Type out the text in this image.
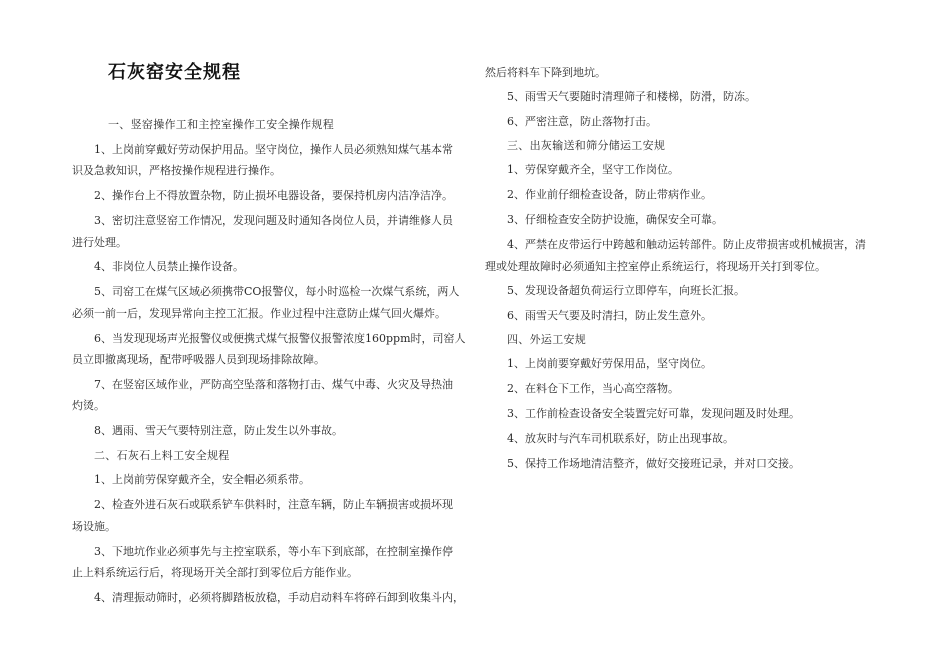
石灰窑安全规程
一、竖窑操作工和主控室操作工安全操作规程
1、上岗前穿戴好劳动保护用品。坚守岗位，操作人员必须熟知煤气基本常
识及急救知识，严格按操作规程进行操作。
2、操作台上不得放置杂物，防止损坏电器设备，要保持机房内洁净洁净。
3、密切注意竖窑工作情况，发现问题及时通知各岗位人员，并请维修人员
进行处理。
4、非岗位人员禁止操作设备。
5、司窑工在煤气区域必须携带CO报警仪，每小时巡检一次煤气系统，两人
必须一前一后，发现异常向主控工汇报。作业过程中注意防止煤气回火爆炸。
6、当发现现场声光报警仪或便携式煤气报警仪报警浓度160ppm时，司窑人
员立即撤离现场，配带呼吸器人员到现场排除故障。
7、在竖窑区域作业，严防高空坠落和落物打击、煤气中毒、火灾及导热油
灼烫。
8、遇雨、雪天气要特别注意，防止发生以外事故。
二、石灰石上料工安全规程
1、上岗前劳保穿戴齐全，安全帽必须系带。
2、检查外进石灰石或联系铲车供料时，注意车辆，防止车辆损害或损坏现
场设施。
3、下地坑作业必须事先与主控室联系，等小车下到底部，在控制室操作停
止上料系统运行后，将现场开关全部打到零位后方能作业。
4、清理振动筛时，必须将脚踏板放稳，手动启动料车将碎石卸到收集斗内，
然后将料车下降到地坑。
5、雨雪天气要随时清理筛子和楼梯，防滑，防冻。
6、严密注意，防止落物打击。
三、出灰输送和筛分储运工安规
1、劳保穿戴齐全，坚守工作岗位。
2、作业前仔细检查设备，防止带病作业。
3、仔细检查安全防护设施，确保安全可靠。
4、严禁在皮带运行中跨越和触动运转部件。防止皮带损害或机械损害，清
理或处理故障时必须通知主控室停止系统运行，将现场开关打到零位。
5、发现设备超负荷运行立即停车，向班长汇报。
6、雨雪天气要及时清扫，防止发生意外。
四、外运工安规
1、上岗前要穿戴好劳保用品，坚守岗位。
2、在料仓下工作，当心高空落物。
3、工作前检查设备安全装置完好可靠，发现问题及时处理。
4、放灰时与汽车司机联系好，防止出现事故。
5、保持工作场地清洁整齐，做好交接班记录，并对口交接。
